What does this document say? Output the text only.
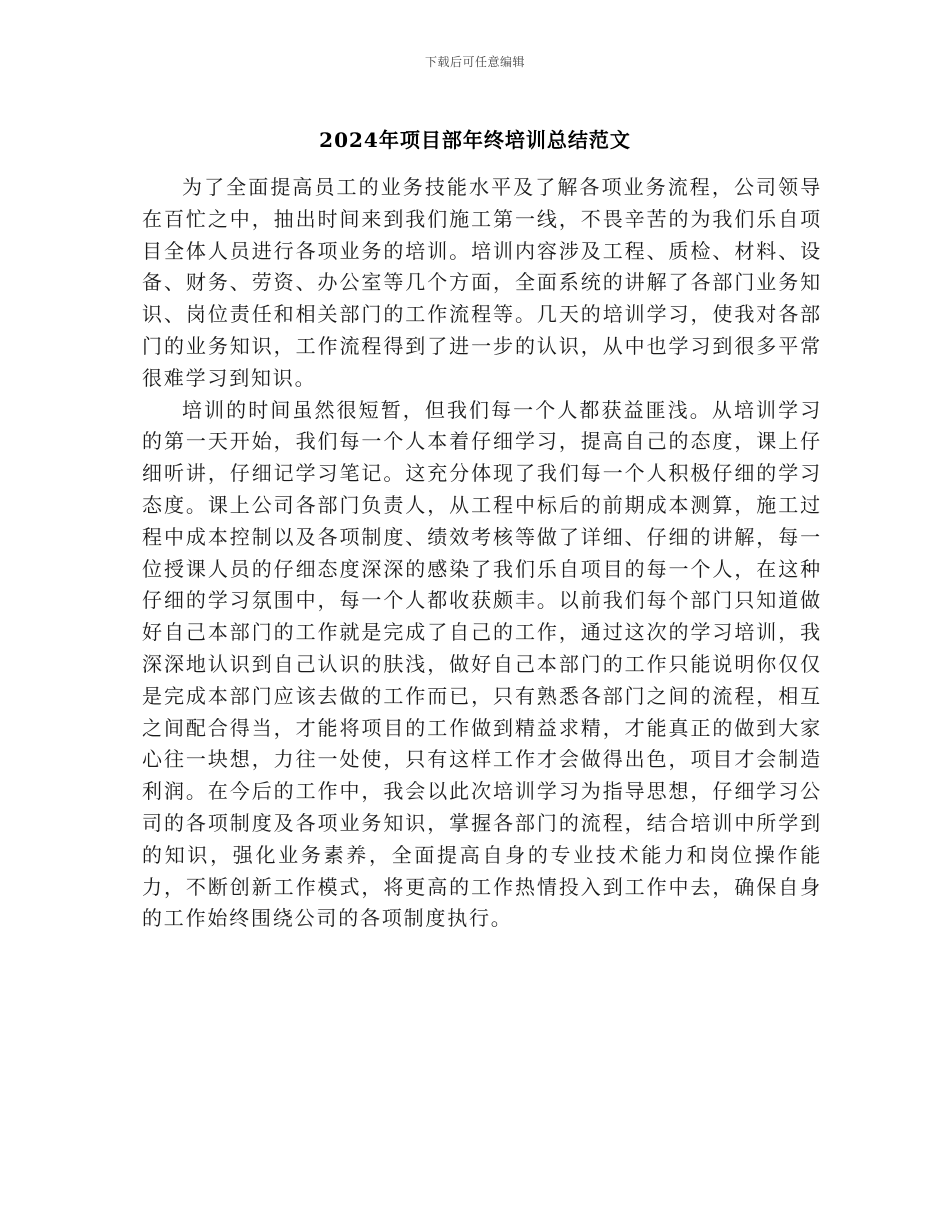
下载后可任意编辑
2024年项目部年终培训总结范文

为了全面提高员工的业务技能水平及了解各项业务流程，公司领导在百忙之中，抽出时间来到我们施工第一线，不畏辛苦的为我们乐自项目全体人员进行各项业务的培训。培训内容涉及工程、质检、材料、设备、财务、劳资、办公室等几个方面，全面系统的讲解了各部门业务知识、岗位责任和相关部门的工作流程等。几天的培训学习，使我对各部门的业务知识，工作流程得到了进一步的认识，从中也学习到很多平常很难学习到知识。

培训的时间虽然很短暂，但我们每一个人都获益匪浅。从培训学习的第一天开始，我们每一个人本着仔细学习，提高自己的态度，课上仔细听讲，仔细记学习笔记。这充分体现了我们每一个人积极仔细的学习态度。课上公司各部门负责人，从工程中标后的前期成本测算，施工过程中成本控制以及各项制度、绩效考核等做了详细、仔细的讲解，每一位授课人员的仔细态度深深的感染了我们乐自项目的每一个人，在这种仔细的学习氛围中，每一个人都收获颇丰。以前我们每个部门只知道做好自己本部门的工作就是完成了自己的工作，通过这次的学习培训，我深深地认识到自己认识的肤浅，做好自己本部门的工作只能说明你仅仅是完成本部门应该去做的工作而已，只有熟悉各部门之间的流程，相互之间配合得当，才能将项目的工作做到精益求精，才能真正的做到大家心往一块想，力往一处使，只有这样工作才会做得出色，项目才会制造利润。在今后的工作中，我会以此次培训学习为指导思想，仔细学习公司的各项制度及各项业务知识，掌握各部门的流程，结合培训中所学到的知识，强化业务素养，全面提高自身的专业技术能力和岗位操作能力，不断创新工作模式，将更高的工作热情投入到工作中去，确保自身的工作始终围绕公司的各项制度执行。
